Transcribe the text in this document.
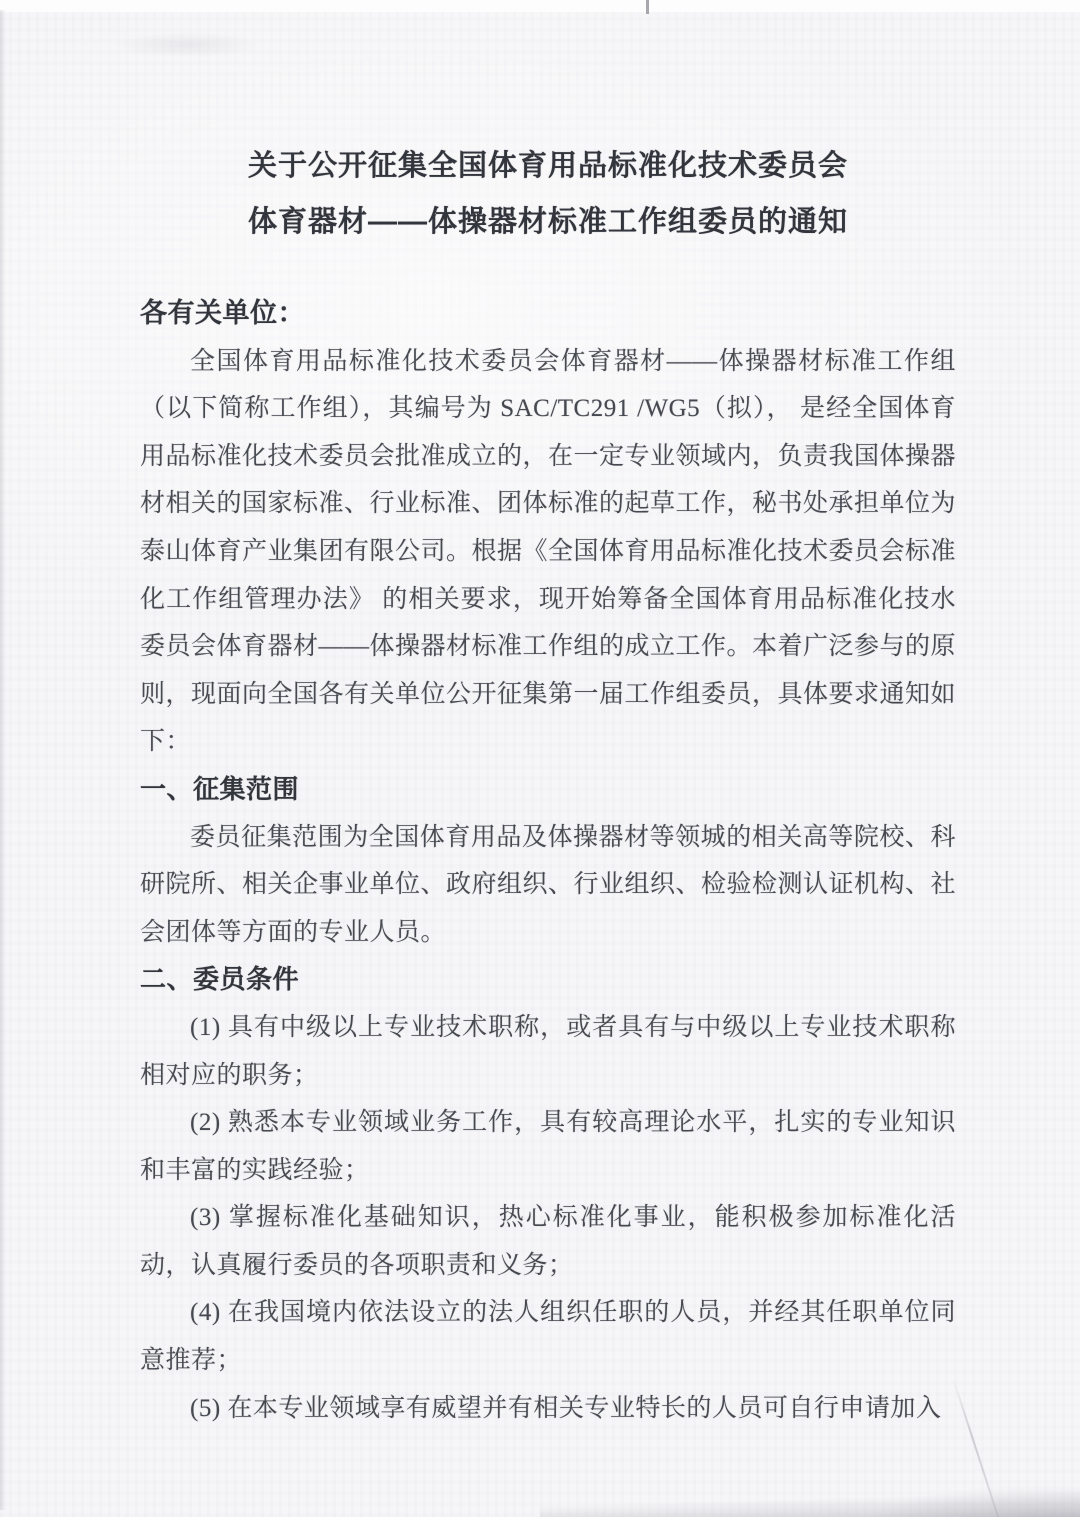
关于公开征集全国体育用品标准化技术委员会
体育器材——体操器材标准工作组委员的通知

各有关单位：

全国体育用品标准化技术委员会体育器材——体操器材标准工作组（以下简称工作组），其编号为 SAC/TC291 /WG5（拟）， 是经全国体育用品标准化技术委员会批准成立的，在一定专业领域内，负责我国体操器材相关的国家标准、行业标准、团体标准的起草工作，秘书处承担单位为泰山体育产业集团有限公司。根据《全国体育用品标准化技术委员会标准化工作组管理办法》 的相关要求，现开始筹备全国体育用品标准化技水委员会体育器材——体操器材标准工作组的成立工作。本着广泛参与的原则，现面向全国各有关单位公开征集第一届工作组委员，具体要求通知如下：

一、征集范围

委员征集范围为全国体育用品及体操器材等领城的相关高等院校、科研院所、相关企事业单位、政府组织、行业组织、检验检测认证机构、社会团体等方面的专业人员。

二、委员条件

(1) 具有中级以上专业技术职称，或者具有与中级以上专业技术职称相对应的职务；

(2) 熟悉本专业领域业务工作，具有较高理论水平，扎实的专业知识和丰富的实践经验；

(3) 掌握标准化基础知识，热心标准化事业，能积极参加标准化活动，认真履行委员的各项职责和义务；

(4) 在我国境内依法设立的法人组织任职的人员，并经其任职单位同意推荐；

(5) 在本专业领域享有威望并有相关专业特长的人员可自行申请加入
